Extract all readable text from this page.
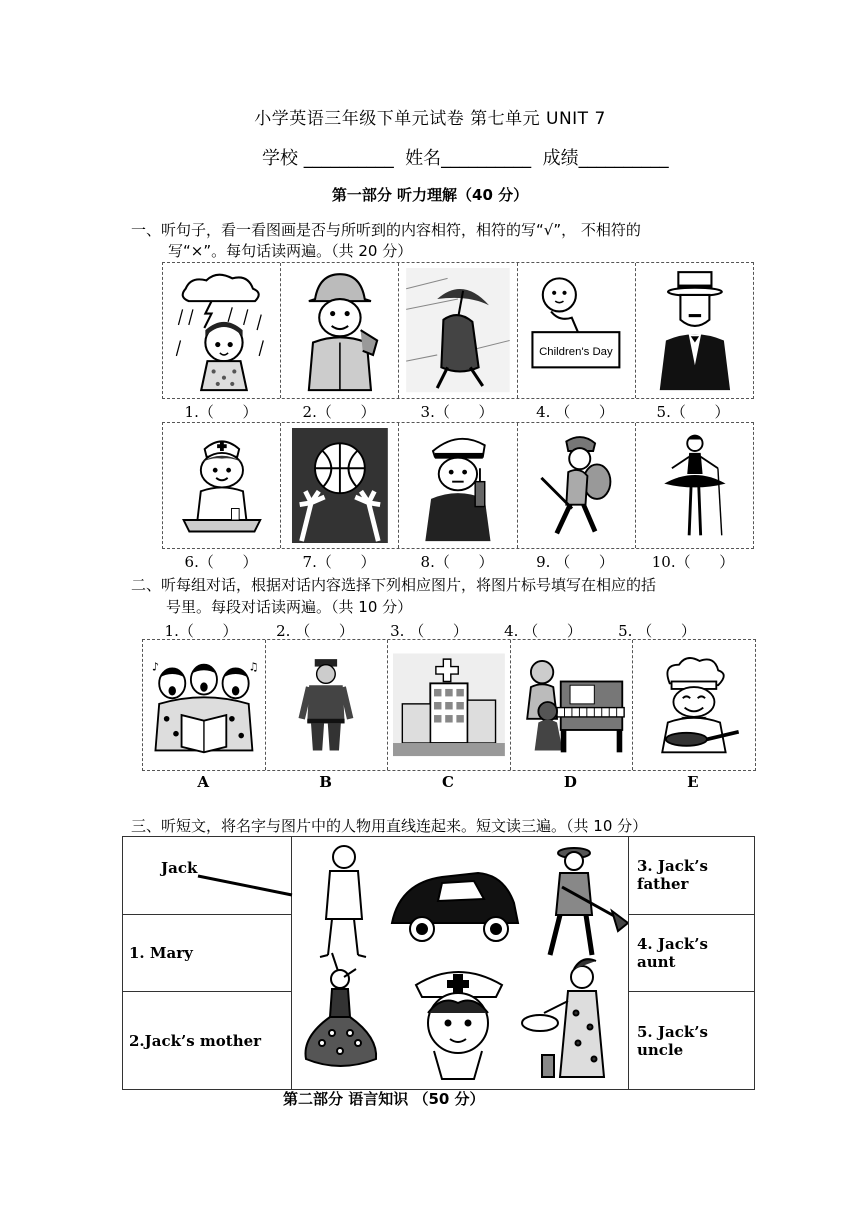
小学英语三年级下单元试卷 第七单元 UNIT 7
学校 __________  姓名__________  成绩__________
第一部分 听力理解（40 分）
一、听句子，看一看图画是否与所听到的内容相符，相符的写“√”， 不相符的
写“×”。每句话读两遍。（共 20 分）
Children's Day
1.（      ）	2.（      ）	3.（      ）	4. （      ）	5.（      ）
6.（      ）	7.（      ）	8.（      ）	9. （      ）	10.（      ）
二、听每组对话，根据对话内容选择下列相应图片，将图片标号填写在相应的括
号里。每段对话读两遍。（共 10 分）
1.（      ）	2. （      ）	3. （      ）	4. （      ）	5. （      ）
♪	♫
A	B	C	D	E
三、听短文，将名字与图片中的人物用直线连起来。短文读三遍。（共 10 分）
Jack		3. Jack’s father
1. Mary		4. Jack’s aunt
2.Jack’s mother		5. Jack’s uncle
第二部分 语言知识 （50 分）
